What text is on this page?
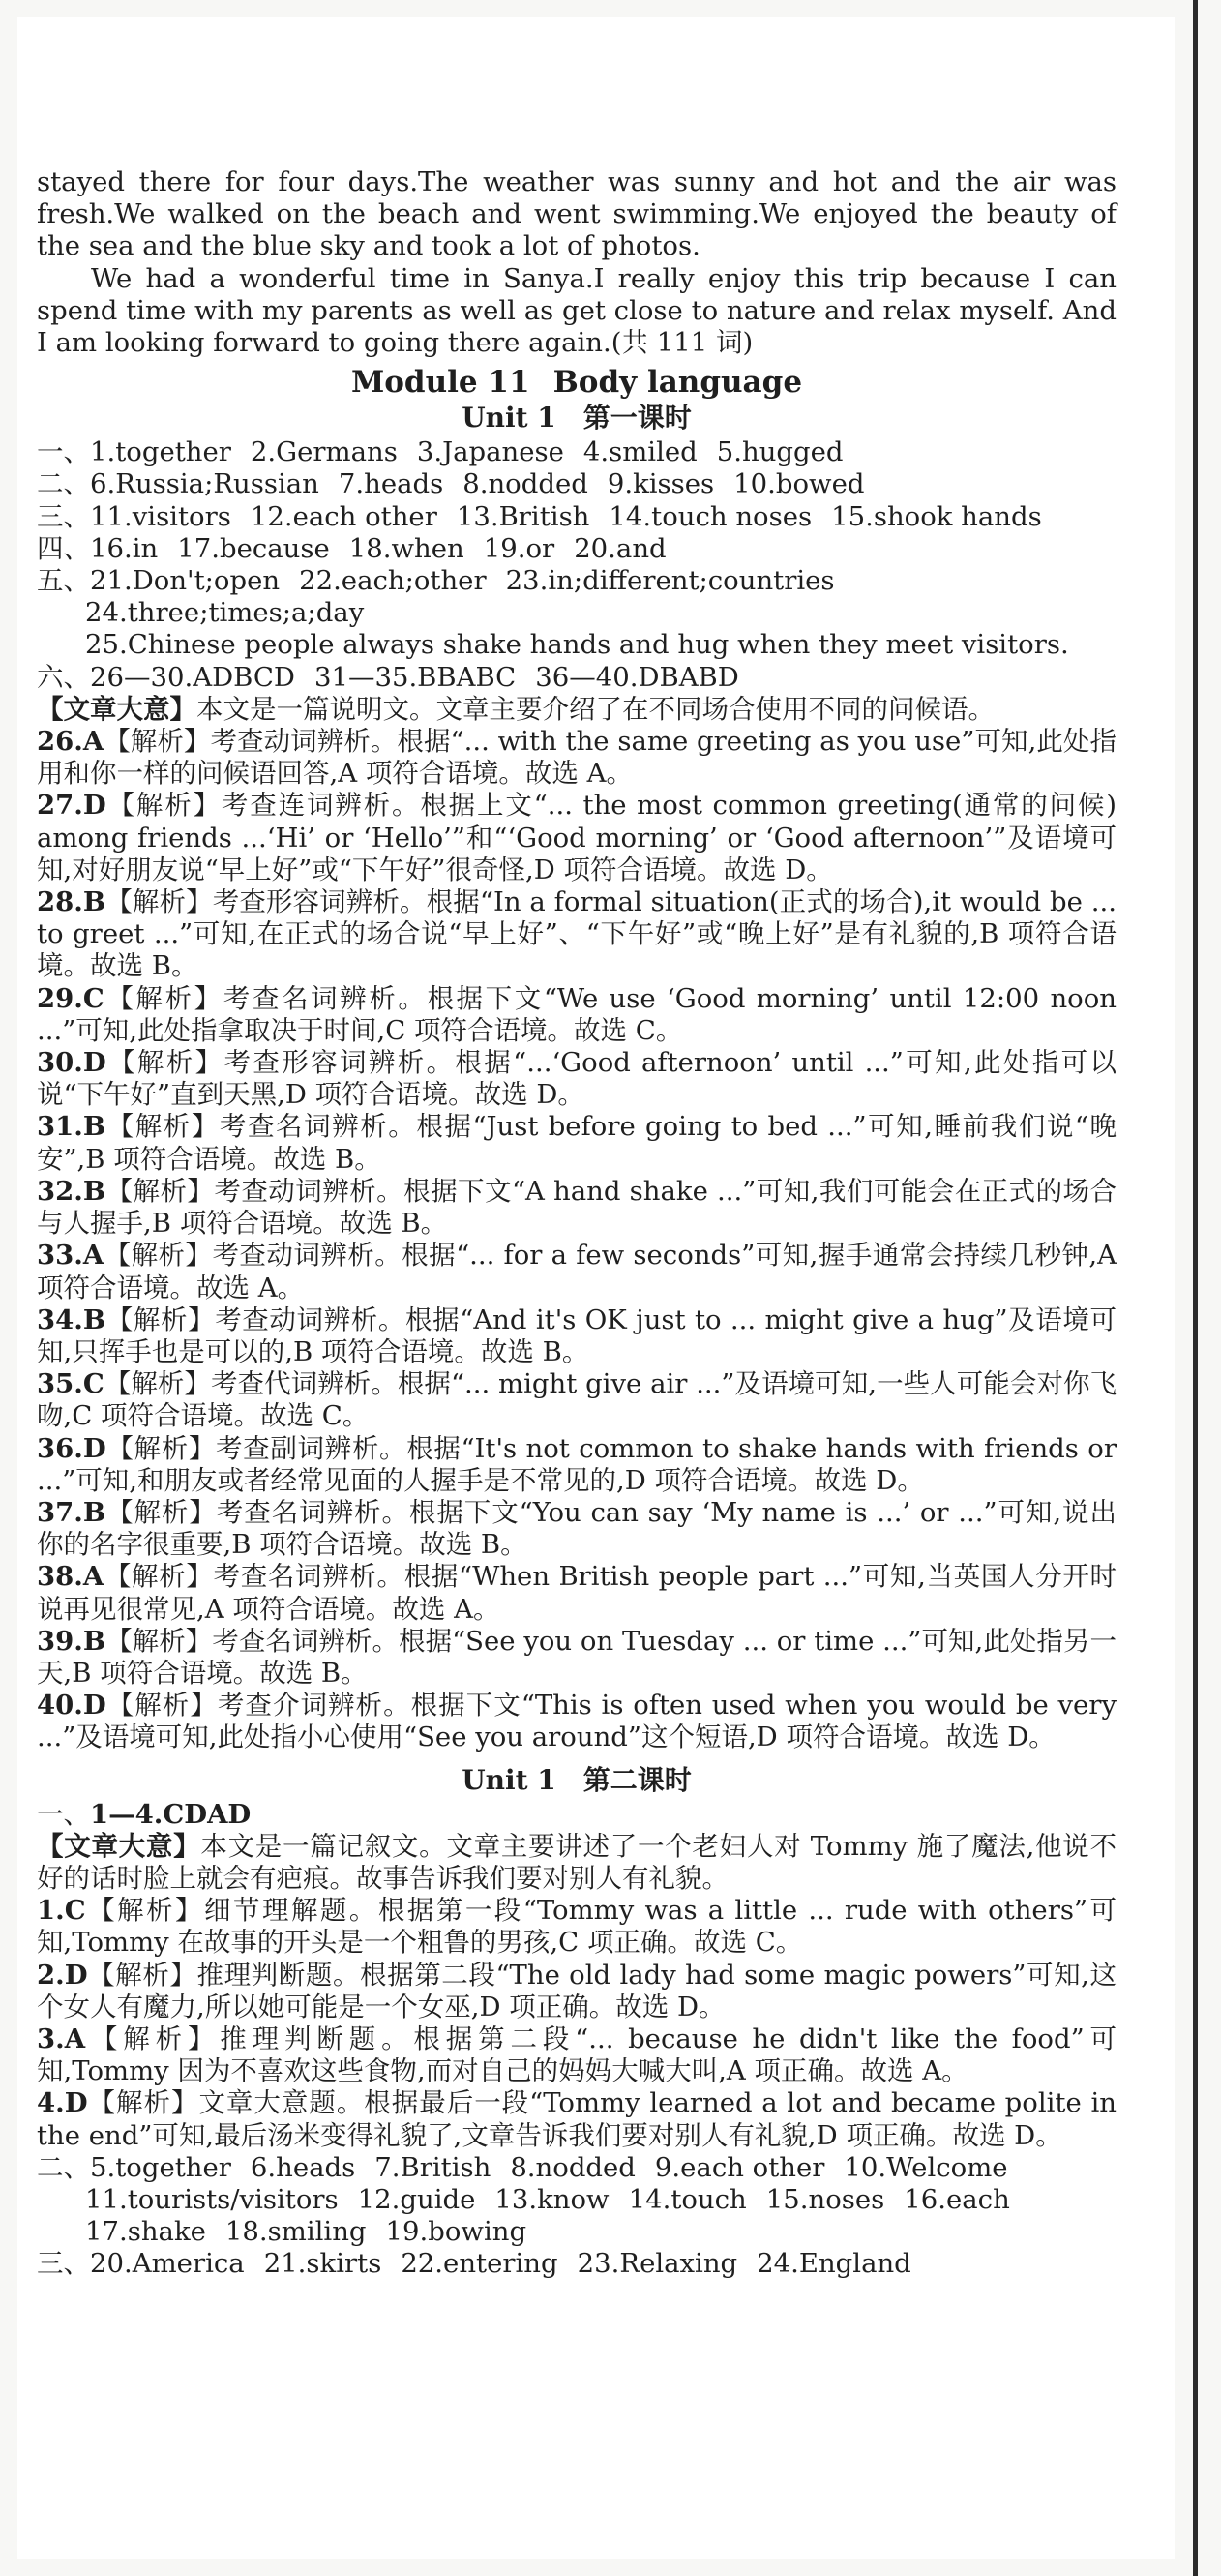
stayed there for four days.The weather was sunny and hot and the air was fresh.We walked on the beach and went swimming.We enjoyed the beauty of the sea and the blue sky and took a lot of photos.

We had a wonderful time in Sanya.I really enjoy this trip because I can spend time with my parents as well as get close to nature and relax myself. And I am looking forward to going there again.(共 111 词)

Module 11 Body language
Unit 1　第一课时
一、1.together 2.Germans 3.Japanese 4.smiled 5.hugged
二、6.Russia;Russian 7.heads 8.nodded 9.kisses 10.bowed
三、11.visitors 12.each other 13.British 14.touch noses 15.shook hands
四、16.in 17.because 18.when 19.or 20.and
五、21.Don't;open 22.each;other 23.in;different;countries
24.three;times;a;day
25.Chinese people always shake hands and hug when they meet visitors.
六、26—30.ADBCD 31—35.BBABC 36—40.DBABD

【文章大意】本文是一篇说明文。文章主要介绍了在不同场合使用不同的问候语。

26.A【解析】考查动词辨析。根据“... with the same greeting as you use”可知,此处指用和你一样的问候语回答,A 项符合语境。故选 A。

27.D【解析】考查连词辨析。根据上文“... the most common greeting(通常的问候) among friends ...‘Hi’ or ‘Hello’”和“‘Good morning’ or ‘Good afternoon’”及语境可知,对好朋友说“早上好”或“下午好”很奇怪,D 项符合语境。故选 D。

28.B【解析】考查形容词辨析。根据“In a formal situation(正式的场合),it would be ... to greet ...”可知,在正式的场合说“早上好”、“下午好”或“晚上好”是有礼貌的,B 项符合语境。故选 B。

29.C【解析】考查名词辨析。根据下文“We use ‘Good morning’ until 12:00 noon ...”可知,此处指拿取决于时间,C 项符合语境。故选 C。

30.D【解析】考查形容词辨析。根据“...‘Good afternoon’ until ...”可知,此处指可以说“下午好”直到天黑,D 项符合语境。故选 D。

31.B【解析】考查名词辨析。根据“Just before going to bed ...”可知,睡前我们说“晚安”,B 项符合语境。故选 B。

32.B【解析】考查动词辨析。根据下文“A hand shake ...”可知,我们可能会在正式的场合与人握手,B 项符合语境。故选 B。

33.A【解析】考查动词辨析。根据“... for a few seconds”可知,握手通常会持续几秒钟,A 项符合语境。故选 A。

34.B【解析】考查动词辨析。根据“And it's OK just to ... might give a hug”及语境可知,只挥手也是可以的,B 项符合语境。故选 B。

35.C【解析】考查代词辨析。根据“... might give air ...”及语境可知,一些人可能会对你飞吻,C 项符合语境。故选 C。

36.D【解析】考查副词辨析。根据“It's not common to shake hands with friends or ...”可知,和朋友或者经常见面的人握手是不常见的,D 项符合语境。故选 D。

37.B【解析】考查名词辨析。根据下文“You can say ‘My name is ...’ or ...”可知,说出你的名字很重要,B 项符合语境。故选 B。

38.A【解析】考查名词辨析。根据“When British people part ...”可知,当英国人分开时说再见很常见,A 项符合语境。故选 A。

39.B【解析】考查名词辨析。根据“See you on Tuesday ... or time ...”可知,此处指另一天,B 项符合语境。故选 B。

40.D【解析】考查介词辨析。根据下文“This is often used when you would be very ...”及语境可知,此处指小心使用“See you around”这个短语,D 项符合语境。故选 D。

Unit 1　第二课时
一、1—4.CDAD

【文章大意】本文是一篇记叙文。文章主要讲述了一个老妇人对 Tommy 施了魔法,他说不好的话时脸上就会有疤痕。故事告诉我们要对别人有礼貌。

1.C【解析】细节理解题。根据第一段“Tommy was a little ... rude with others”可知,Tommy 在故事的开头是一个粗鲁的男孩,C 项正确。故选 C。

2.D【解析】推理判断题。根据第二段“The old lady had some magic powers”可知,这个女人有魔力,所以她可能是一个女巫,D 项正确。故选 D。

3.A【解析】推理判断题。根据第二段“... because he didn't like the food”可知,Tommy 因为不喜欢这些食物,而对自己的妈妈大喊大叫,A 项正确。故选 A。

4.D【解析】文章大意题。根据最后一段“Tommy learned a lot and became polite in the end”可知,最后汤米变得礼貌了,文章告诉我们要对别人有礼貌,D 项正确。故选 D。

二、5.together 6.heads 7.British 8.nodded 9.each other 10.Welcome
11.tourists/visitors 12.guide 13.know 14.touch 15.noses 16.each
17.shake 18.smiling 19.bowing
三、20.America 21.skirts 22.entering 23.Relaxing 24.England
